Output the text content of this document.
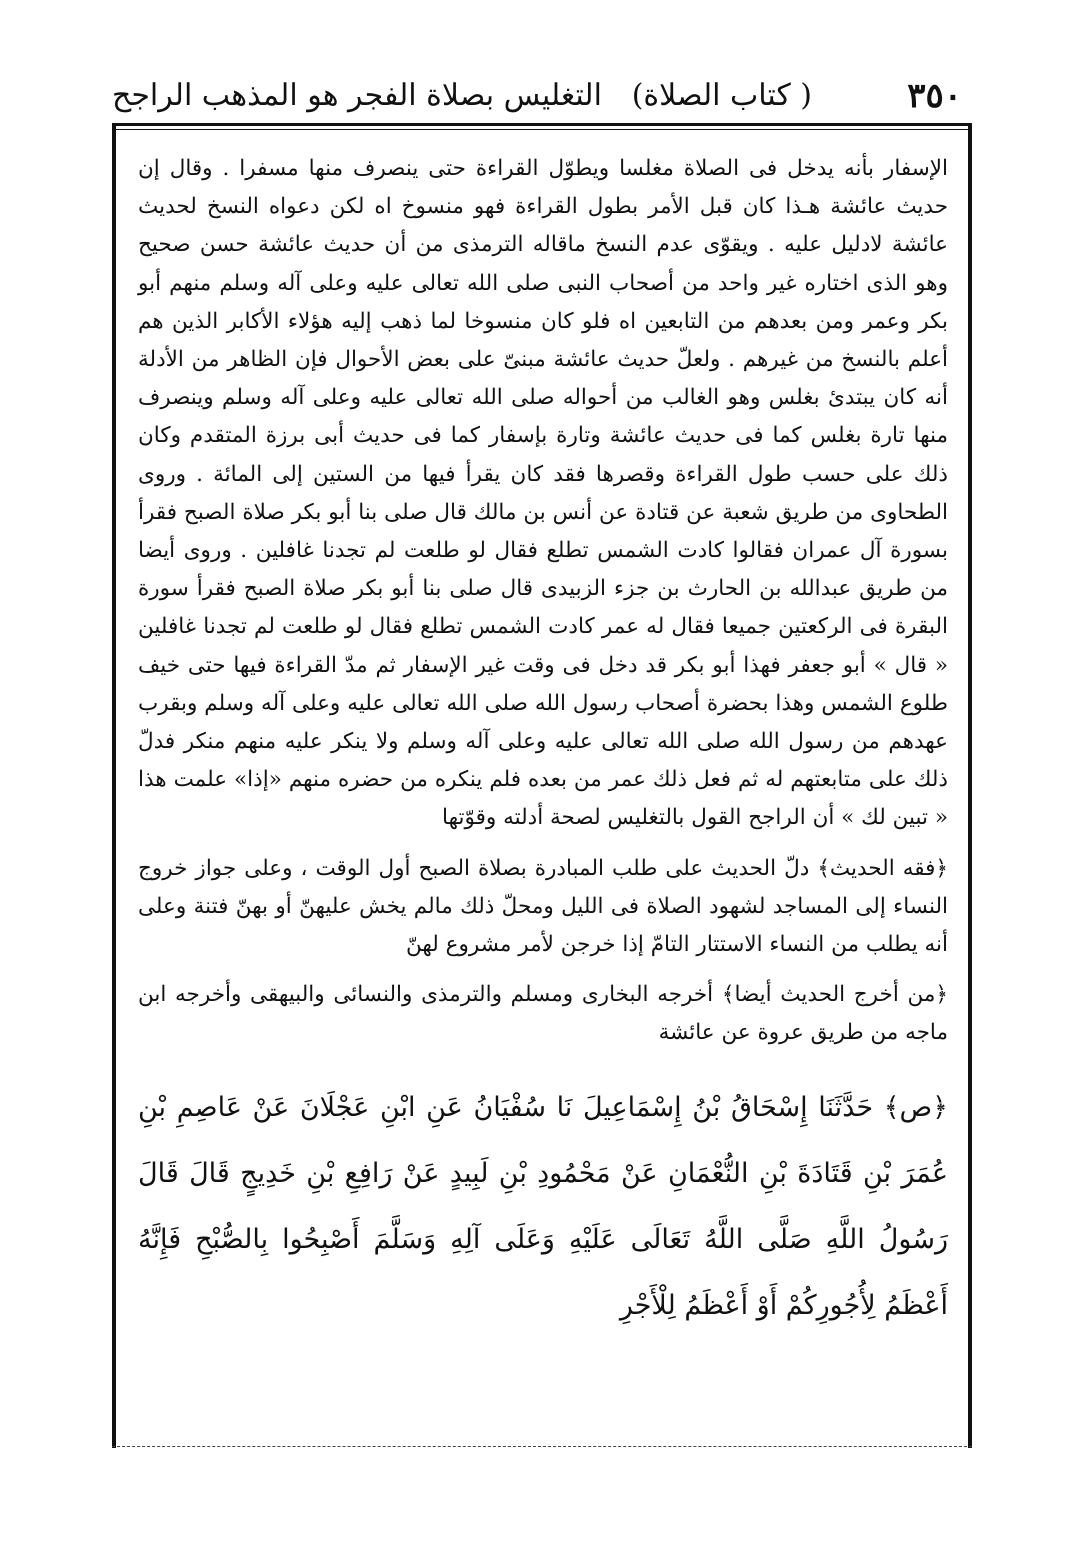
٣٥٠
( كتاب الصلاة)
التغليس بصلاة الفجر هو المذهب الراجح

الإسفار بأنه يدخل فى الصلاة مغلسا ويطوّل القراءة حتى ينصرف منها مسفرا . وقال إن حديث عائشة هـذا كان قبل الأمر بطول القراءة فهو منسوخ اه لكن دعواه النسخ لحديث عائشة لادليل عليه . ويقوّى عدم النسخ ماقاله الترمذى من أن حديث عائشة حسن صحيح وهو الذى اختاره غير واحد من أصحاب النبى صلى الله تعالى عليه وعلى آله وسلم منهم أبو بكر وعمر ومن بعدهم من التابعين اه فلو كان منسوخا لما ذهب إليه هؤلاء الأكابر الذين هم أعلم بالنسخ من غيرهم . ولعلّ حديث عائشة مبنىّ على بعض الأحوال فإن الظاهر من الأدلة أنه كان يبتدئ بغلس وهو الغالب من أحواله صلى الله تعالى عليه وعلى آله وسلم وينصرف منها تارة بغلس كما فى حديث عائشة وتارة بإسفار كما فى حديث أبى برزة المتقدم وكان ذلك على حسب طول القراءة وقصرها فقد كان يقرأ فيها من الستين إلى المائة . وروى الطحاوى من طريق شعبة عن قتادة عن أنس بن مالك قال صلى بنا أبو بكر صلاة الصبح فقرأ بسورة آل عمران فقالوا كادت الشمس تطلع فقال لو طلعت لم تجدنا غافلين . وروى أيضا من طريق عبدالله بن الحارث بن جزء الزبيدى قال صلى بنا أبو بكر صلاة الصبح فقرأ سورة البقرة فى الركعتين جميعا فقال له عمر كادت الشمس تطلع فقال لو طلعت لم تجدنا غافلين « قال » أبو جعفر فهذا أبو بكر قد دخل فى وقت غير الإسفار ثم مدّ القراءة فيها حتى خيف طلوع الشمس وهذا بحضرة أصحاب رسول الله صلى الله تعالى عليه وعلى آله وسلم وبقرب عهدهم من رسول الله صلى الله تعالى عليه وعلى آله وسلم ولا ينكر عليه منهم منكر فدلّ ذلك على متابعتهم له ثم فعل ذلك عمر من بعده فلم ينكره من حضره منهم «إذا» علمت هذا « تبين لك » أن الراجح القول بالتغليس لصحة أدلته وقوّتها

﴿فقه الحديث﴾ دلّ الحديث على طلب المبادرة بصلاة الصبح أول الوقت ، وعلى جواز خروج النساء إلى المساجد لشهود الصلاة فى الليل ومحلّ ذلك مالم يخش عليهنّ أو بهنّ فتنة وعلى أنه يطلب من النساء الاستتار التامّ إذا خرجن لأمر مشروع لهنّ

﴿من أخرج الحديث أيضا﴾ أخرجه البخارى ومسلم والترمذى والنسائى والبيهقى وأخرجه ابن ماجه من طريق عروة عن عائشة

﴿ص﴾ حَدَّثَنَا إِسْحَاقُ بْنُ إِسْمَاعِيلَ نَا سُفْيَانُ عَنِ ابْنِ عَجْلَانَ عَنْ عَاصِمِ بْنِ عُمَرَ بْنِ قَتَادَةَ بْنِ النُّعْمَانِ عَنْ مَحْمُودِ بْنِ لَبِيدٍ عَنْ رَافِعِ بْنِ خَدِيجٍ قَالَ قَالَ رَسُولُ اللَّهِ صَلَّى اللَّهُ تَعَالَى عَلَيْهِ وَعَلَى آلِهِ وَسَلَّمَ أَصْبِحُوا بِالصُّبْحِ فَإِنَّهُ أَعْظَمُ لِأُجُورِكُمْ أَوْ أَعْظَمُ لِلْأَجْرِ
